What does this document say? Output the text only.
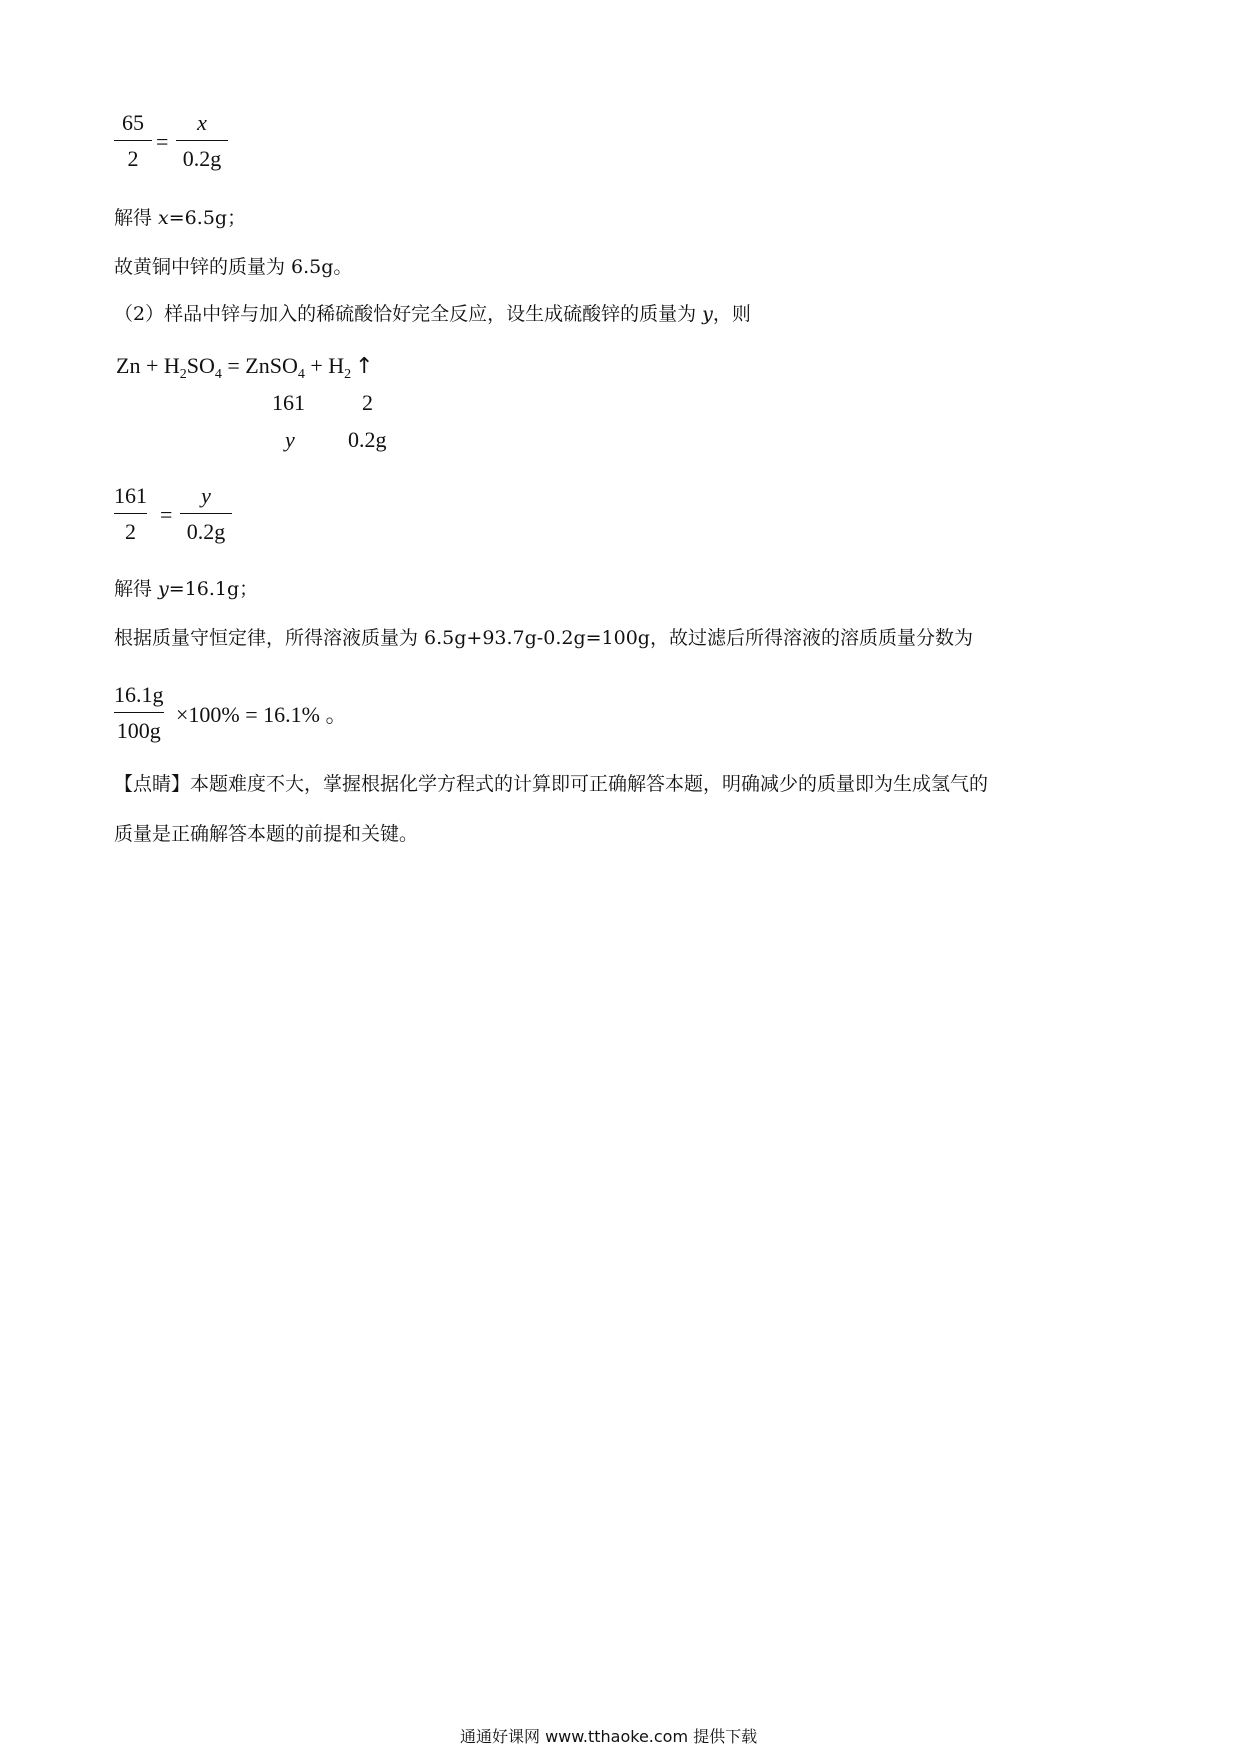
65
2
=
x
0.2g
解得 x=6.5g；
故黄铜中锌的质量为 6.5g。
（2）样品中锌与加入的稀硫酸恰好完全反应，设生成硫酸锌的质量为 y，则
$Zn + H_2SO_4$ = ZnSO$_4$ + $H_2$ ↑
161	2
y 0.2g
161
2
=
y
0.2g
解得 y=16.1g；
根据质量守恒定律，所得溶液质量为 6.5g+93.7g-0.2g=100g，故过滤后所得溶液的溶质质量分数为
16.1g
100g
×100% = 16.1% 。
【点睛】本题难度不大，掌握根据化学方程式的计算即可正确解答本题，明确减少的质量即为生成氢气的
质量是正确解答本题的前提和关键。
通通好课网 www.tthaoke.com 提供下载
